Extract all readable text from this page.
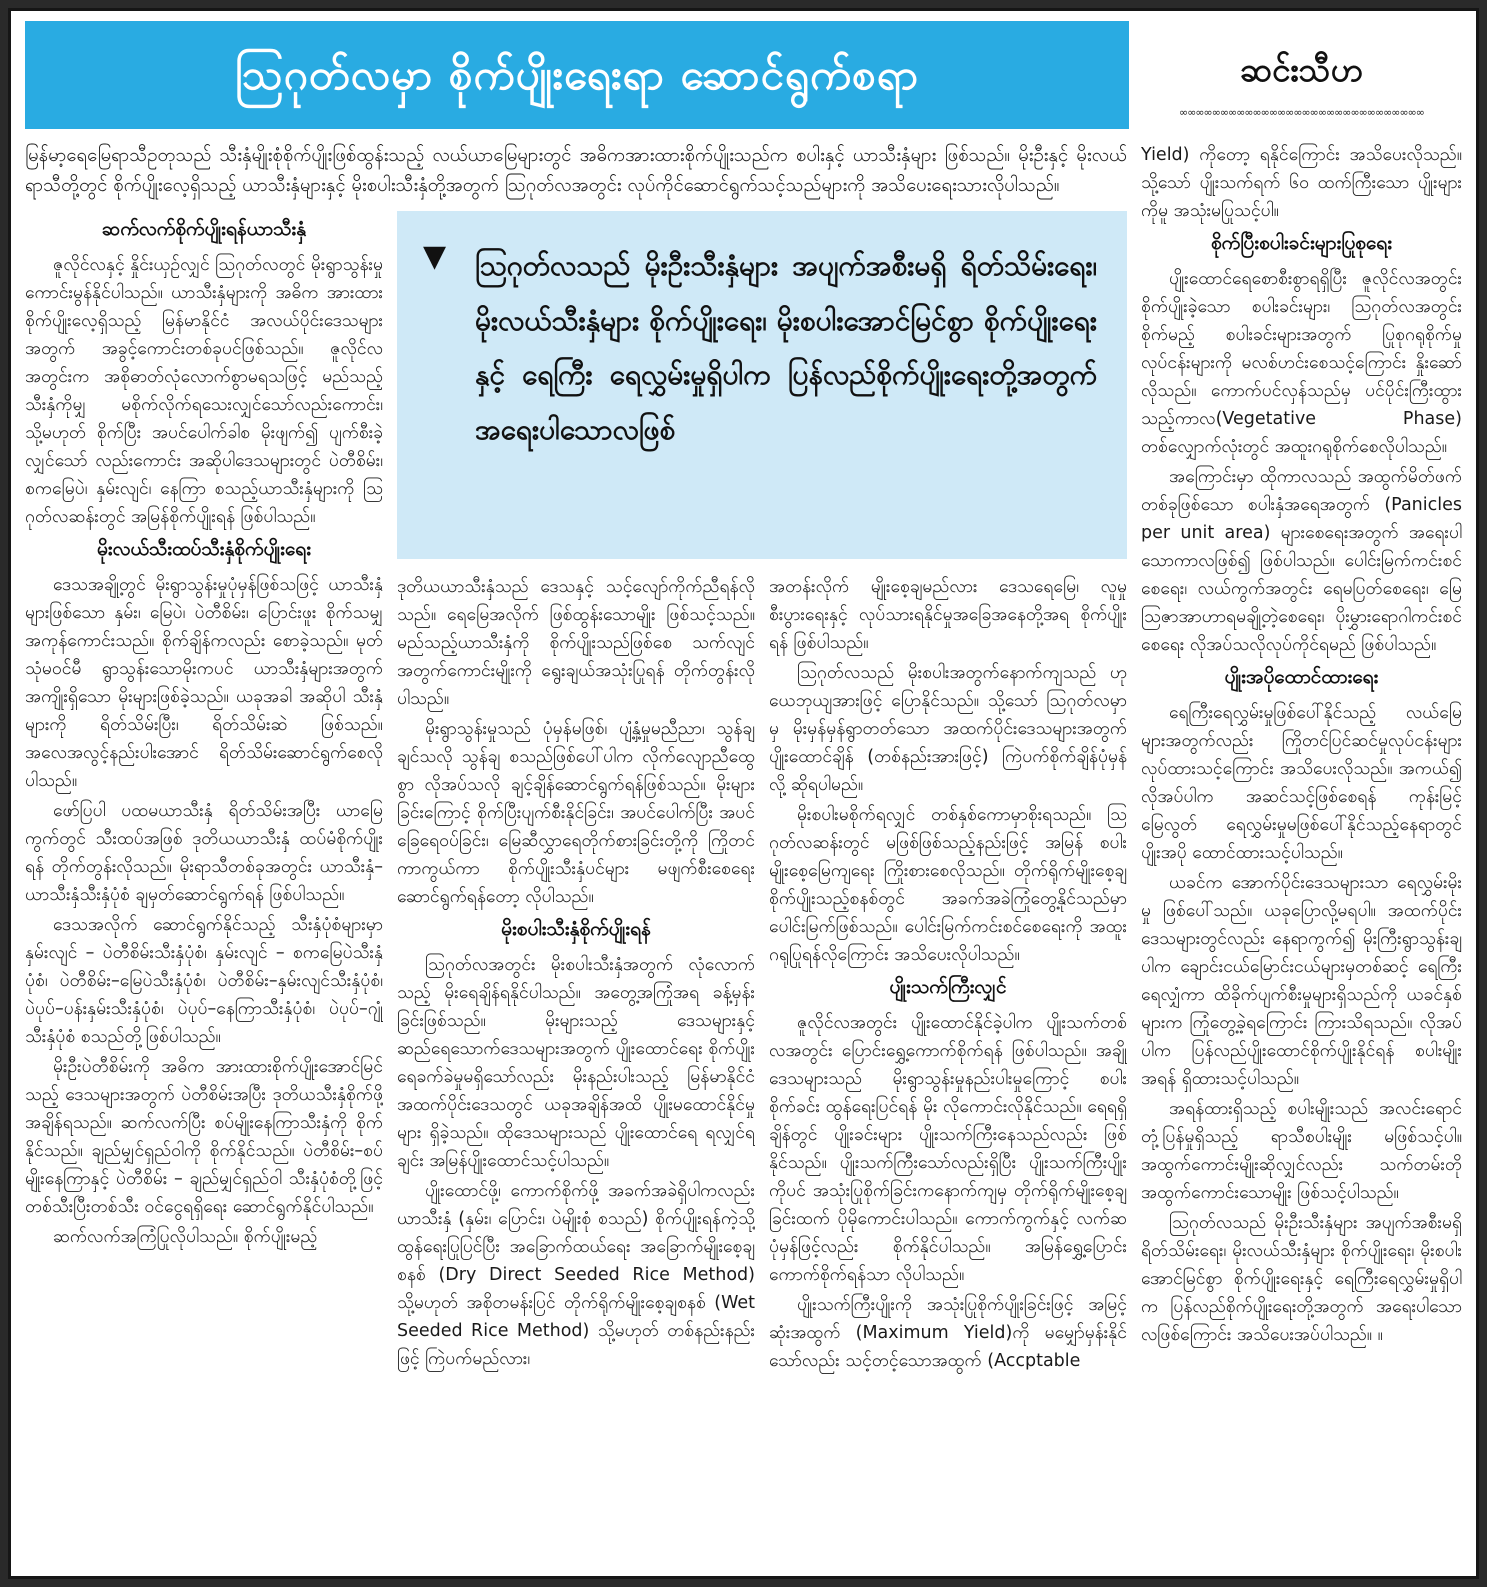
သြဂုတ်လမှာ စိုက်ပျိုးရေးရာ ဆောင်ရွက်စရာ	ဆင်းသီဟ
∞∞∞∞∞∞∞∞∞∞∞∞∞∞∞∞∞∞∞∞∞∞∞∞∞∞∞∞∞∞

မြန်မာ့ရေမြေရာသီဥတုသည် သီးနှံမျိုးစုံစိုက်ပျိုးဖြစ်ထွန်းသည့် လယ်ယာမြေများတွင် အဓိကအားထားစိုက်ပျိုးသည်က စပါးနှင့် ယာသီးနှံများ ဖြစ်သည်။ မိုးဦးနှင့် မိုးလယ်ရာသီတို့တွင် စိုက်ပျိုးလေ့ရှိသည့် ယာသီးနှံများနှင့် မိုးစပါးသီးနှံတို့အတွက် သြဂုတ်လအတွင်း လုပ်ကိုင်ဆောင်ရွက်သင့်သည်များကို အသိပေးရေးသားလိုပါသည်။

ဆက်လက်စိုက်ပျိုးရန်ယာသီးနှံ

ဇူလိုင်လနှင့် နှိုင်းယှဉ်လျှင် သြဂုတ်လတွင် မိုးရွာသွန်းမှုကောင်းမွန်နိုင်ပါသည်။ ယာသီးနှံများကို အဓိက အားထားစိုက်ပျိုးလေ့ရှိသည့် မြန်မာနိုင်ငံ အလယ်ပိုင်းဒေသများအတွက် အခွင့်ကောင်းတစ်ခုပင်ဖြစ်သည်။ ဇူလိုင်လအတွင်းက အစိုဓာတ်လုံလောက်စွာမရသဖြင့် မည်သည့်သီးနှံကိုမျှ မစိုက်လိုက်ရသေးလျှင်သော်လည်းကောင်း၊ သို့မဟုတ် စိုက်ပြီး အပင်ပေါက်ခါစ မိုးဖျက်၍ ပျက်စီးခဲ့လျှင်သော် လည်းကောင်း အဆိုပါဒေသများတွင် ပဲတီစိမ်း၊ စကမြေပဲ၊ နှမ်းလျင်၊ နေကြာ စသည့်ယာသီးနှံများကို သြဂုတ်လဆန်းတွင် အမြန်စိုက်ပျိုးရန် ဖြစ်ပါသည်။

မိုးလယ်သီးထပ်သီးနှံစိုက်ပျိုးရေး

ဒေသအချို့တွင် မိုးရွာသွန်းမှုပုံမှန်ဖြစ်သဖြင့် ယာသီးနှံများဖြစ်သော နှမ်း၊ မြေပဲ၊ ပဲတီစိမ်း၊ ပြောင်းဖူး စိုက်သမျှအကုန်ကောင်းသည်။ စိုက်ချိန်ကလည်း စောခဲ့သည်။ မုတ်သုံမဝင်မီ ရွာသွန်းသောမိုးကပင် ယာသီးနှံများအတွက် အကျိုးရှိသော မိုးများဖြစ်ခဲ့သည်။ ယခုအခါ အဆိုပါ သီးနှံများကို ရိတ်သိမ်းပြီး၊ ရိတ်သိမ်းဆဲ ဖြစ်သည်။ အလေအလွင့်နည်းပါးအောင် ရိတ်သိမ်းဆောင်ရွက်စေလိုပါသည်။

ဖော်ပြပါ ပထမယာသီးနှံ ရိတ်သိမ်းအပြီး ယာမြေကွက်တွင် သီးထပ်အဖြစ် ဒုတိယယာသီးနှံ ထပ်မံစိုက်ပျိုးရန် တိုက်တွန်းလိုသည်။ မိုးရာသီတစ်ခုအတွင်း ယာသီးနှံ–ယာသီးနှံသီးနှံပုံစံ ချမှတ်ဆောင်ရွက်ရန် ဖြစ်ပါသည်။

ဒေသအလိုက် ဆောင်ရွက်နိုင်သည့် သီးနှံပုံစံများမှာ နှမ်းလျင် – ပဲတီစိမ်းသီးနှံပုံစံ၊ နှမ်းလျင် – စကမြေပဲသီးနှံပုံစံ၊ ပဲတီစိမ်း–မြေပဲသီးနှံပုံစံ၊ ပဲတီစိမ်း–နှမ်းလျင်သီးနှံပုံစံ၊ ပဲပုပ်–ပန်းနှမ်းသီးနှံပုံစံ၊ ပဲပုပ်–နေကြာသီးနှံပုံစံ၊ ပဲပုပ်–ဂျုံသီးနှံပုံစံ စသည်တို့ဖြစ်ပါသည်။

မိုးဦးပဲတီစိမ်းကို အဓိက အားထားစိုက်ပျိုးအောင်မြင်သည့် ဒေသများအတွက် ပဲတီစိမ်းအပြီး ဒုတိယသီးနှံစိုက်ဖို့ အချိန်ရသည်။ ဆက်လက်ပြီး စပ်မျိုးနေကြာသီးနှံကို စိုက်နိုင်သည်။ ချည်မျှင်ရှည်ဝါကို စိုက်နိုင်သည်။ ပဲတီစိမ်း–စပ်မျိုးနေကြာနှင့် ပဲတီစိမ်း – ချည်မျှင်ရှည်ဝါ သီးနှံပုံစံတို့ဖြင့် တစ်သီးပြီးတစ်သီး ဝင်ငွေရရှိရေး ဆောင်ရွက်နိုင်ပါသည်။

ဆက်လက်အကြံပြုလိုပါသည်။ စိုက်ပျိုးမည့်

▼	သြဂုတ်လသည် မိုးဦးသီးနှံများ အပျက်အစီးမရှိ ရိတ်သိမ်းရေး၊ မိုးလယ်သီးနှံများ စိုက်ပျိုးရေး၊ မိုးစပါးအောင်မြင်စွာ စိုက်ပျိုးရေးနှင့် ရေကြီး ရေလွှမ်းမှုရှိပါက ပြန်လည်စိုက်ပျိုးရေးတို့အတွက် အရေးပါသောလဖြစ်

ဒုတိယယာသီးနှံသည် ဒေသနှင့် သင့်လျော်ကိုက်ညီရန်လိုသည်။ ရေမြေအလိုက် ဖြစ်ထွန်းသောမျိုး ဖြစ်သင့်သည်။ မည်သည့်ယာသီးနှံကို စိုက်ပျိုးသည်ဖြစ်စေ သက်လျင်အတွက်ကောင်းမျိုးကို ရွေးချယ်အသုံးပြုရန် တိုက်တွန်းလိုပါသည်။

မိုးရွာသွန်းမှုသည် ပုံမှန်မဖြစ်၊ ပျံ့နှံ့မှုမညီညာ၊ သွန်ချချင်သလို သွန်ချ စသည်ဖြစ်ပေါ်ပါက လိုက်လျောညီထွေစွာ လိုအပ်သလို ချင့်ချိန်ဆောင်ရွက်ရန်ဖြစ်သည်။ မိုးများခြင်းကြောင့် စိုက်ပြီးပျက်စီးနိုင်ခြင်း၊ အပင်ပေါက်ပြီး အပင်ခြေရေဝပ်ခြင်း၊ မြေဆီလွှာရေတိုက်စားခြင်းတို့ကို ကြိုတင်ကာကွယ်ကာ စိုက်ပျိုးသီးနှံပင်များ မဖျက်စီးစေရေးဆောင်ရွက်ရန်တော့ လိုပါသည်။

မိုးစပါးသီးနှံစိုက်ပျိုးရန်

သြဂုတ်လအတွင်း မိုးစပါးသီးနှံအတွက် လုံလောက်သည့် မိုးရေချိန်ရနိုင်ပါသည်။ အတွေ့အကြုံအရ ခန့်မှန်းခြင်းဖြစ်သည်။ မိုးများသည့် ဒေသများနှင့် ဆည်ရေသောက်ဒေသများအတွက် ပျိုးထောင်ရေး စိုက်ပျိုးရေခက်ခဲမှုမရှိသော်လည်း မိုးနည်းပါးသည့် မြန်မာနိုင်ငံ အထက်ပိုင်းဒေသတွင် ယခုအချိန်အထိ ပျိုးမထောင်နိုင်မှုများ ရှိခဲ့သည်။ ထိုဒေသများသည် ပျိုးထောင်ရေ ရလျှင်ရချင်း အမြန်ပျိုးထောင်သင့်ပါသည်။

ပျိုးထောင်ဖို့၊ ကောက်စိုက်ဖို့ အခက်အခဲရှိပါကလည်း ယာသီးနှံ (နှမ်း၊ ပြောင်း၊ ပဲမျိုးစုံ စသည်) စိုက်ပျိုးရန်ကဲ့သို့ ထွန်ရေးပြုပြင်ပြီး အခြောက်ထယ်ရေး အခြောက်မျိုးစေ့ချစနစ် (Dry Direct Seeded Rice Method) သို့မဟုတ် အစိုတမန်းပြင် တိုက်ရိုက်မျိုးစေ့ချစနစ် (Wet Seeded Rice Method) သို့မဟုတ် တစ်နည်းနည်းဖြင့် ကြဲပက်မည်လား၊

အတန်းလိုက် မျိုးစေ့ချမည်လား ဒေသရေမြေ၊ လူမှုစီးပွားရေးနှင့် လုပ်သားရနိုင်မှုအခြေအနေတို့အရ စိုက်ပျိုးရန် ဖြစ်ပါသည်။

သြဂုတ်လသည် မိုးစပါးအတွက်နောက်ကျသည် ဟု ယေဘုယျအားဖြင့် ပြောနိုင်သည်။ သို့သော် သြဂုတ်လမှာမှ မိုးမှန်မှန်ရွာတတ်သော အထက်ပိုင်းဒေသများအတွက် ပျိုးထောင်ချိန် (တစ်နည်းအားဖြင့်) ကြဲပက်စိုက်ချိန်ပုံမှန်လို့ ဆိုရပါမည်။

မိုးစပါးမစိုက်ရလျှင် တစ်နှစ်ကောမှာစိုးရသည်။ သြဂုတ်လဆန်းတွင် မဖြစ်ဖြစ်သည့်နည်းဖြင့် အမြန် စပါးမျိုးစေ့မြေကျရေး ကြိုးစားစေလိုသည်။ တိုက်ရိုက်မျိုးစေ့ချစိုက်ပျိုးသည့်စနစ်တွင် အခက်အခဲကြုံတွေ့နိုင်သည်မှာ ပေါင်းမြက်ဖြစ်သည်။ ပေါင်းမြက်ကင်းစင်စေရေးကို အထူးဂရုပြုရန်လိုကြောင်း အသိပေးလိုပါသည်။

ပျိုးသက်ကြီးလျှင်

ဇူလိုင်လအတွင်း ပျိုးထောင်နိုင်ခဲ့ပါက ပျိုးသက်တစ်လအတွင်း ပြောင်းရွှေ့ကောက်စိုက်ရန် ဖြစ်ပါသည်။ အချို့ဒေသများသည် မိုးရွာသွန်းမှုနည်းပါးမှုကြောင့် စပါးစိုက်ခင်း ထွန်ရေးပြင်ရန် မိုး လိုကောင်းလိုနိုင်သည်။ ရေရရှိချိန်တွင် ပျိုးခင်းများ ပျိုးသက်ကြီးနေသည်လည်း ဖြစ်နိုင်သည်။ ပျိုးသက်ကြီးသော်လည်းရှိပြီး ပျိုးသက်ကြီးပျိုးကိုပင် အသုံးပြုစိုက်ခြင်းကနောက်ကျမှ တိုက်ရိုက်မျိုးစေ့ချခြင်းထက် ပိုမိုကောင်းပါသည်။ ကောက်ကွက်နှင့် လက်ဆပုံမှန်ဖြင့်လည်း စိုက်နိုင်ပါသည်။ အမြန်ရွှေ့ပြောင်းကောက်စိုက်ရန်သာ လိုပါသည်။

ပျိုးသက်ကြီးပျိုးကို အသုံးပြုစိုက်ပျိုးခြင်းဖြင့် အမြင့်ဆုံးအထွက် (Maximum Yield)ကို မမျှော်မှန်းနိုင်သော်လည်း သင့်တင့်သောအထွက် (Accptable

Yield) ကိုတော့ ရနိုင်ကြောင်း အသိပေးလိုသည်။ သို့သော် ပျိုးသက်ရက် ၆၀ ထက်ကြီးသော ပျိုးများကိုမူ အသုံးမပြုသင့်ပါ။

စိုက်ပြီးစပါးခင်းများပြုစုရေး

ပျိုးထောင်ရေစောစီးစွာရရှိပြီး ဇူလိုင်လအတွင်း စိုက်ပျိုးခဲ့သော စပါးခင်းများ၊ သြဂုတ်လအတွင်း စိုက်မည့် စပါးခင်းများအတွက် ပြုစုဂရုစိုက်မှု လုပ်ငန်းများကို မလစ်ဟင်းစေသင့်ကြောင်း နှိုးဆော်လိုသည်။ ကောက်ပင်လှန်သည်မှ ပင်ပိုင်းကြီးထွားသည့်ကာလ(Vegetative Phase) တစ်လျှောက်လုံးတွင် အထူးဂရုစိုက်စေလိုပါသည်။

အကြောင်းမှာ ထိုကာလသည် အထွက်မိတ်ဖက်တစ်ခုဖြစ်သော စပါးနှံအရေအတွက် (Panicles per unit area) များစေရေးအတွက် အရေးပါသောကာလဖြစ်၍ ဖြစ်ပါသည်။ ပေါင်းမြက်ကင်းစင်စေရေး၊ လယ်ကွက်အတွင်း ရေမပြတ်စေရေး၊ မြေသြဇာအာဟာရမချို့တဲ့စေရေး၊ ပိုးမွှားရောဂါကင်းစင်စေရေး လိုအပ်သလိုလုပ်ကိုင်ရမည် ဖြစ်ပါသည်။

ပျိုးအပိုထောင်ထားရေး

ရေကြီးရေလွှမ်းမှုဖြစ်ပေါ်နိုင်သည့် လယ်မြေများအတွက်လည်း ကြိုတင်ပြင်ဆင်မှုလုပ်ငန်းများ လုပ်ထားသင့်ကြောင်း အသိပေးလိုသည်။ အကယ်၍ လိုအပ်ပါက အဆင်သင့်ဖြစ်စေရန် ကုန်းမြင့်မြေလွတ် ရေလွှမ်းမှုမဖြစ်ပေါ်နိုင်သည့်နေရာတွင် ပျိုးအပို ထောင်ထားသင့်ပါသည်။

ယခင်က အောက်ပိုင်းဒေသများသာ ရေလွှမ်းမိုးမှု ဖြစ်ပေါ်သည်။ ယခုပြောလို့မရပါ။ အထက်ပိုင်းဒေသများတွင်လည်း နေရာကွက်၍ မိုးကြီးရွာသွန်းချပါက ချောင်းငယ်မြောင်းငယ်များမှတစ်ဆင့် ရေကြီးရေလျှံကာ ထိခိုက်ပျက်စီးမှုများရှိသည်ကို ယခင်နှစ်များက ကြုံတွေ့ခဲ့ရကြောင်း ကြားသိရသည်။ လိုအပ်ပါက ပြန်လည်ပျိုးထောင်စိုက်ပျိုးနိုင်ရန် စပါးမျိုးအရန် ရှိထားသင့်ပါသည်။

အရန်ထားရှိသည့် စပါးမျိုးသည် အလင်းရောင်တုံ့ပြန်မှုရှိသည့် ရာသီစပါးမျိုး မဖြစ်သင့်ပါ။ အထွက်ကောင်းမျိုးဆိုလျှင်လည်း သက်တမ်းတို အထွက်ကောင်းသောမျိုး ဖြစ်သင့်ပါသည်။

သြဂုတ်လသည် မိုးဦးသီးနှံများ အပျက်အစီးမရှိရိတ်သိမ်းရေး၊ မိုးလယ်သီးနှံများ စိုက်ပျိုးရေး၊ မိုးစပါးအောင်မြင်စွာ စိုက်ပျိုးရေးနှင့် ရေကြီးရေလွှမ်းမှုရှိပါက ပြန်လည်စိုက်ပျိုးရေးတို့အတွက် အရေးပါသောလဖြစ်ကြောင်း အသိပေးအပ်ပါသည်။ ။
